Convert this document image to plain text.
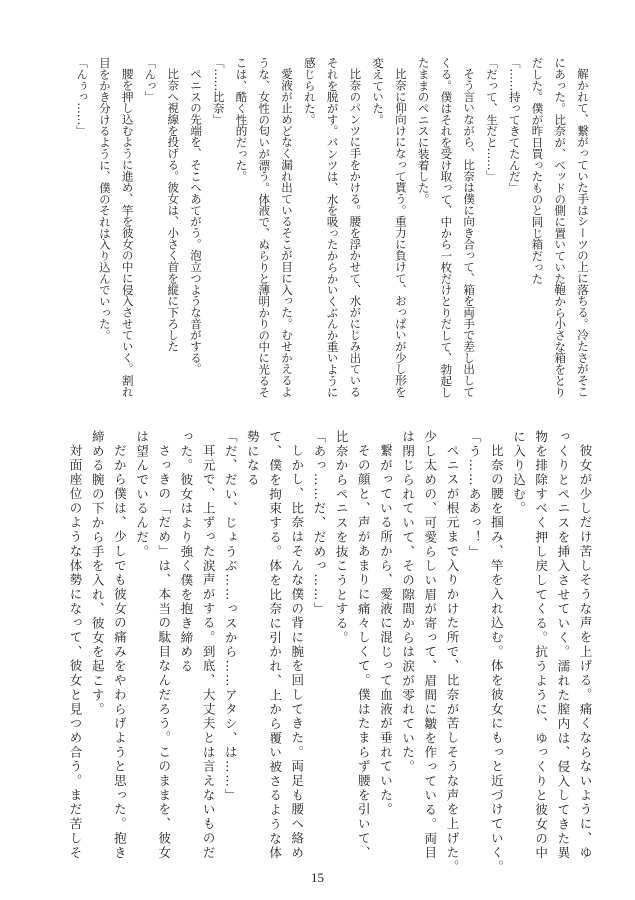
解かれて、繋がっていた手はシーツの上に落ちる。冷たさがそこ
にあった。比奈が、ベッドの側に置いていた鞄から小さな箱をとり
だした。僕が昨日買ったものと同じ箱だった
「……持ってきてたんだ」
「だって、生だと……」
そう言いながら、比奈は僕に向き合って、箱を両手で差し出して
くる。僕はそれを受け取って、中から一枚だけとりだして、勃起し
たままのペニスに装着した。
比奈に仰向けになって貰う。重力に負けて、おっぱいが少し形を
変えていた。
比奈のパンツに手をかける。腰を浮かせて、水がにじみ出ている
それを脱がす。パンツは、水を吸ったからかいくぶんか重いように
感じられた。
愛液が止めどなく漏れ出ているそこが目に入った。むせかえるよ
うな、女性の匂いが漂う。体液で、ぬらりと薄明かりの中に光るそ
こは、酷く性的だった。
「……比奈」
ペニスの先端を、そこへあてがう。泡立つような音がする。
比奈へ視線を投げる。彼女は、小さく首を縦に下ろした
「んっ」
腰を押し込むように進め、竿を彼女の中に侵入させていく。割れ
目をかき分けるように、僕のそれは入り込んでいった。
「んぅっ……」
彼女が少しだけ苦しそうな声を上げる。痛くならないように、ゆ
っくりとペニスを挿入させていく。濡れた膣内は、侵入してきた異
物を排除すべく押し戻してくる。抗うように、ゆっくりと彼女の中
に入り込む。
比奈の腰を掴み、竿を入れ込む。体を彼女にもっと近づけていく。
「う……ああっ！」
ペニスが根元まで入りかけた所で、比奈が苦しそうな声を上げた。
少し太めの、可愛らしい眉が寄って、眉間に皺を作っている。両目
は閉じられていて、その隙間からは涙が零れていた。
繋がっている所から、愛液に混じって血液が垂れていた。
その顔と、声があまりに痛々しくて。僕はたまらず腰を引いて、
比奈からペニスを抜こうとする。
「あっ……だ、だめっ……」
しかし、比奈はそんな僕の背に腕を回してきた。両足も腰へ絡め
て、僕を拘束する。体を比奈に引かれ、上から覆い被さるような体
勢になる
「だ、だい、じょうぶ……っスから……アタシ、は……」
耳元で、上ずった涙声がする。到底、大丈夫とは言えないものだ
った。彼女はより強く僕を抱き締める
さっきの「だめ」は、本当の駄目なんだろう。このままを、彼女
は望んでいるんだ。
だから僕は、少しでも彼女の痛みをやわらげようと思った。抱き
締める腕の下から手を入れ、彼女を起こす。
対面座位のような体勢になって、彼女と見つめ合う。まだ苦しそ
15
